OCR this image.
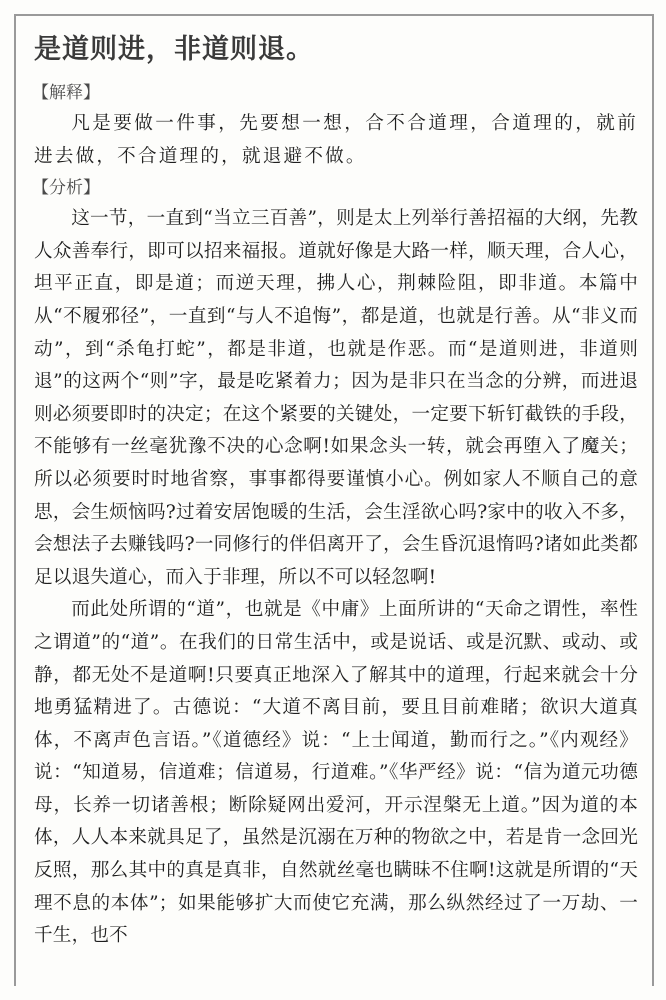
是道则进，非道则退。
【解释】

凡是要做一件事，先要想一想，合不合道理，合道理的，就前进去做，不合道理的，就退避不做。

【分析】

这一节，一直到“当立三百善”，则是太上列举行善招福的大纲，先教人众善奉行，即可以招来福报。道就好像是大路一样，顺天理，合人心，坦平正直，即是道；而逆天理，拂人心，荆棘险阻，即非道。本篇中从“不履邪径”，一直到“与人不追悔”，都是道，也就是行善。从“非义而动”，到“杀龟打蛇”，都是非道，也就是作恶。而“是道则进，非道则退”的这两个“则”字，最是吃紧着力；因为是非只在当念的分辨，而进退则必须要即时的决定；在这个紧要的关键处，一定要下斩钉截铁的手段，不能够有一丝毫犹豫不决的心念啊!如果念头一转，就会再堕入了魔关；所以必须要时时地省察，事事都得要谨慎小心。例如家人不顺自己的意思，会生烦恼吗?过着安居饱暖的生活，会生淫欲心吗?家中的收入不多，会想法子去赚钱吗?一同修行的伴侣离开了，会生昏沉退惰吗?诸如此类都足以退失道心，而入于非理，所以不可以轻忽啊!

而此处所谓的“道”，也就是《中庸》上面所讲的“天命之谓性，率性之谓道”的“道”。在我们的日常生活中，或是说话、或是沉默、或动、或静，都无处不是道啊!只要真正地深入了解其中的道理，行起来就会十分地勇猛精进了。古德说：“大道不离目前，要且目前难睹；欲识大道真体，不离声色言语。”《道德经》说：“上士闻道，勤而行之。”《内观经》说：“知道易，信道难；信道易，行道难。”《华严经》说：“信为道元功德母，长养一切诸善根；断除疑网出爱河，开示涅槃无上道。”因为道的本体，人人本来就具足了，虽然是沉溺在万种的物欲之中，若是肯一念回光反照，那么其中的真是真非，自然就丝毫也瞒昧不住啊!这就是所谓的“天理不息的本体”；如果能够扩大而使它充满，那么纵然经过了一万劫、一千生，也不
